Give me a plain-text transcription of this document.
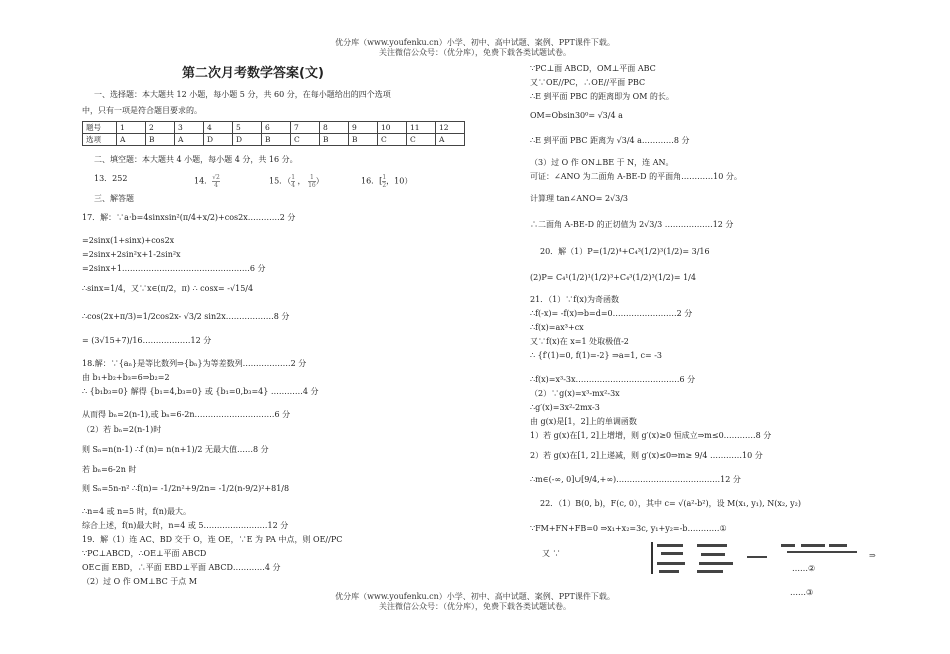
优分库（www.youfenku.cn）小学、初中、高中试题、案例、PPT课件下载。
关注微信公众号：（优分库），免费下载各类试题试卷。
第二次月考数学答案(文)
一、选择题：本大题共 12 小题，每小题 5 分，共 60 分，在每小题给出的四个选项
中，只有一项是符合题目要求的。
题号	1	2	3	4	5	6	7	8	9	10	11	12
选项	A	B	A	D	D	B	C	B	B	C	C	A
二、填空题：本大题共 4 小题，每小题 4 分，共 16 分。
13．252	14． $\frac{√2}{4}$	15．（ $\frac{1}{4}$ ， $\frac{1}{16}$ ）	16．[ $\frac{1}{2}$ ，10）
三、解答题
17．解：∵a·b=4sinxsin²(π/4+x/2)+cos2x…………2 分
=2sinx(1+sinx)+cos2x
=2sinx+2sin²x+1-2sin²x
=2sinx+1…………………………………………6 分
∴sinx=1/4，又∵x∈(π/2，π) ∴ cosx= -√15/4
∴cos(2x+π/3)=1/2cos2x- √3/2 sin2x………………8 分
= (3√15+7)/16………………12 分
18.解：∵{aₙ}是等比数列⇒{bₙ}为等差数列………………2 分
由 b₁+b₂+b₃=6⇒b₂=2
∴ {b₁b₃=0} 解得 {b₁=4,b₃=0} 或 {b₁=0,b₃=4} …………4 分
从而得 bₙ=2(n-1),或 bₙ=6-2n…………………………6 分
（2）若 bₙ=2(n-1)时
则 Sₙ=n(n-1) ∴f (n)= n(n+1)/2 无最大值……8 分
若 bₙ=6-2n 时
则 Sₙ=5n-n² ∴f(n)= -1/2n²+9/2n= -1/2(n-9/2)²+81/8
∴n=4 或 n=5 时，f(n)最大。
综合上述，f(n)最大时，n=4 或 5……………………12 分
19．解（1）连 AC、BD 交于 O，连 OE，∵E 为 PA 中点，则 OE//PC
∵PC⊥ABCD，∴OE⊥平面 ABCD
OE⊂面 EBD，∴平面 EBD⊥平面 ABCD…………4 分
（2）过 O 作 OM⊥BC 于点 M
∵PC⊥面 ABCD，OM⊥平面 ABC
又∵OE//PC，∴OE//平面 PBC
∴E 到平面 PBC 的距离即为 OM 的长。
OM=Obsin30⁰= √3/4 a
∴E 到平面 PBC 距离为 √3/4 a…………8 分
（3）过 O 作 ON⊥BE 于 N，连 AN。
可证：∠ANO 为二面角 A-BE-D 的平面角…………10 分。
计算理 tan∠ANO= 2√3/3
∴二面角 A-BE-D 的正切值为 2√3/3 ………………12 分
20．解（1）P=(1/2)⁴+C₄³(1/2)³(1/2)= 3/16
(2)P= C₄¹(1/2)¹(1/2)³+C₄³(1/2)³(1/2)= 1/4
21．（1）∵f(x)为奇函数
∴f(-x)= -f(x)⇒b=d=0……………………2 分
∴f(x)=ax³+cx
又∵f(x)在 x=1 处取极值-2
∴ {f′(1)=0, f(1)=-2} ⇒a=1, c= -3
∴f(x)=x³-3x…………………………………6 分
（2）∵g(x)=x³-mx²-3x
∴g′(x)=3x²-2mx-3
由 g(x)是[1，2]上的单调函数
1）若 g(x)在[1, 2]上增增，则 g′(x)≥0 恒成立⇒m≤0…………8 分
2）若 g(x)在[1, 2]上递减，则 g′(x)≤0⇒m≥ 9/4 …………10 分
∴m∈(-∞, 0]∪[9/4,+∞)…………………………………12 分
22．（1）B(0, b)，F(c, 0），其中 c= √(a²-b²)，设 M(x₁, y₁), N(x₂, y₂)
∵FM+FN+FB=0 ⇒x₁+x₂=3c, y₁+y₂=-b…………①
又 ∵
……②
……③
⇒
优分库（www.youfenku.cn）小学、初中、高中试题、案例、PPT课件下载。
关注微信公众号：（优分库），免费下载各类试题试卷。
